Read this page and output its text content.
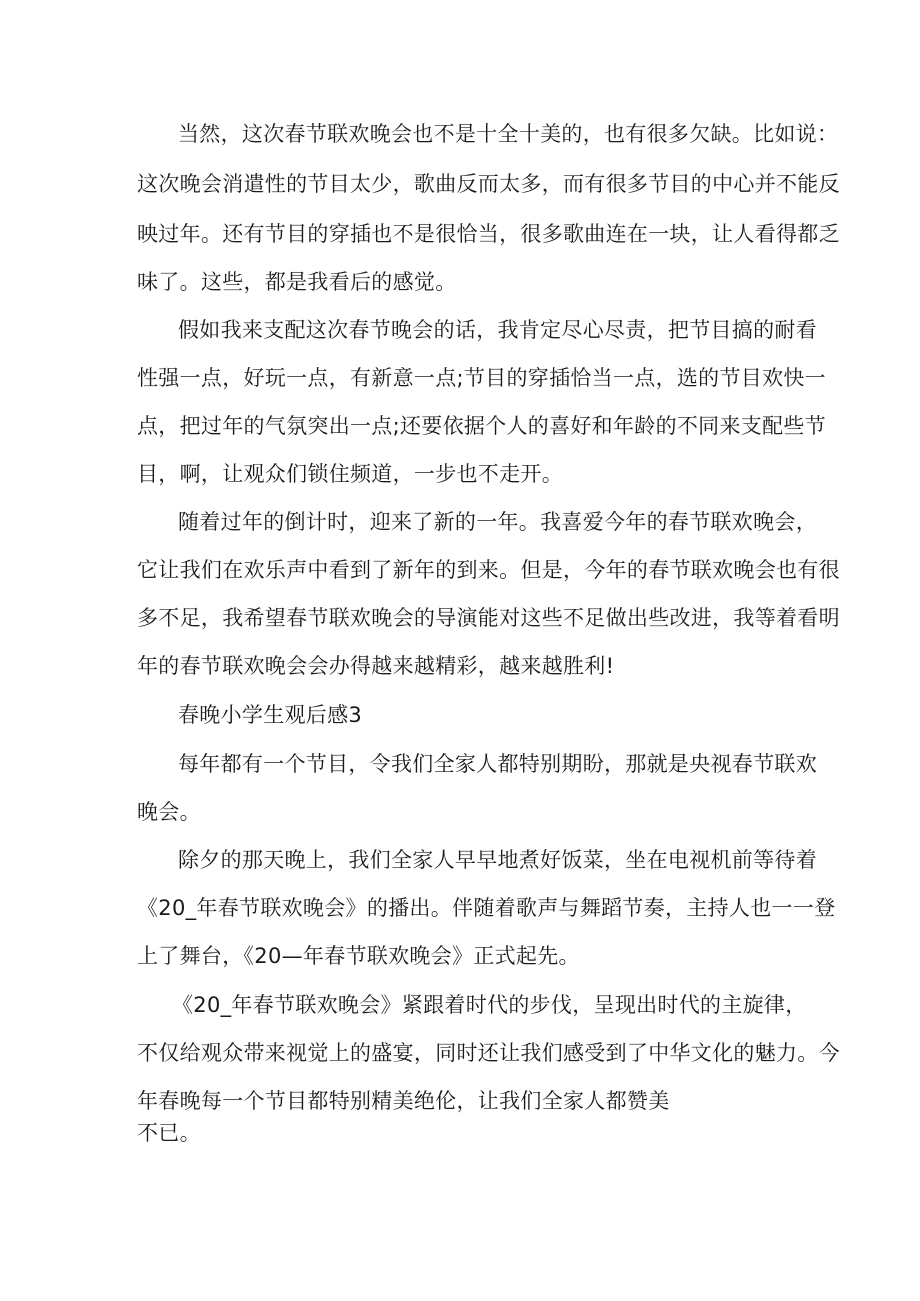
当然，这次春节联欢晚会也不是十全十美的，也有很多欠缺。比如说：
这次晚会消遣性的节目太少，歌曲反而太多，而有很多节目的中心并不能反
映过年。还有节目的穿插也不是很恰当，很多歌曲连在一块，让人看得都乏
味了。这些，都是我看后的感觉。
假如我来支配这次春节晚会的话，我肯定尽心尽责，把节目搞的耐看
性强一点，好玩一点，有新意一点;节目的穿插恰当一点，选的节目欢快一
点，把过年的气氛突出一点;还要依据个人的喜好和年龄的不同来支配些节
目，啊，让观众们锁住频道，一步也不走开。
随着过年的倒计时，迎来了新的一年。我喜爱今年的春节联欢晚会，
它让我们在欢乐声中看到了新年的到来。但是，今年的春节联欢晚会也有很
多不足，我希望春节联欢晚会的导演能对这些不足做出些改进，我等着看明
年的春节联欢晚会会办得越来越精彩，越来越胜利!
春晚小学生观后感3
每年都有一个节目，令我们全家人都特别期盼，那就是央视春节联欢
晚会。
除夕的那天晚上，我们全家人早早地煮好饭菜，坐在电视机前等待着
《20_年春节联欢晚会》的播出。伴随着歌声与舞蹈节奏，主持人也一一登
上了舞台，《20—年春节联欢晚会》正式起先。
《20_年春节联欢晚会》紧跟着时代的步伐，呈现出时代的主旋律，
不仅给观众带来视觉上的盛宴，同时还让我们感受到了中华文化的魅力。今
年春晚每一个节目都特别精美绝伦，让我们全家人都赞美
不已。
